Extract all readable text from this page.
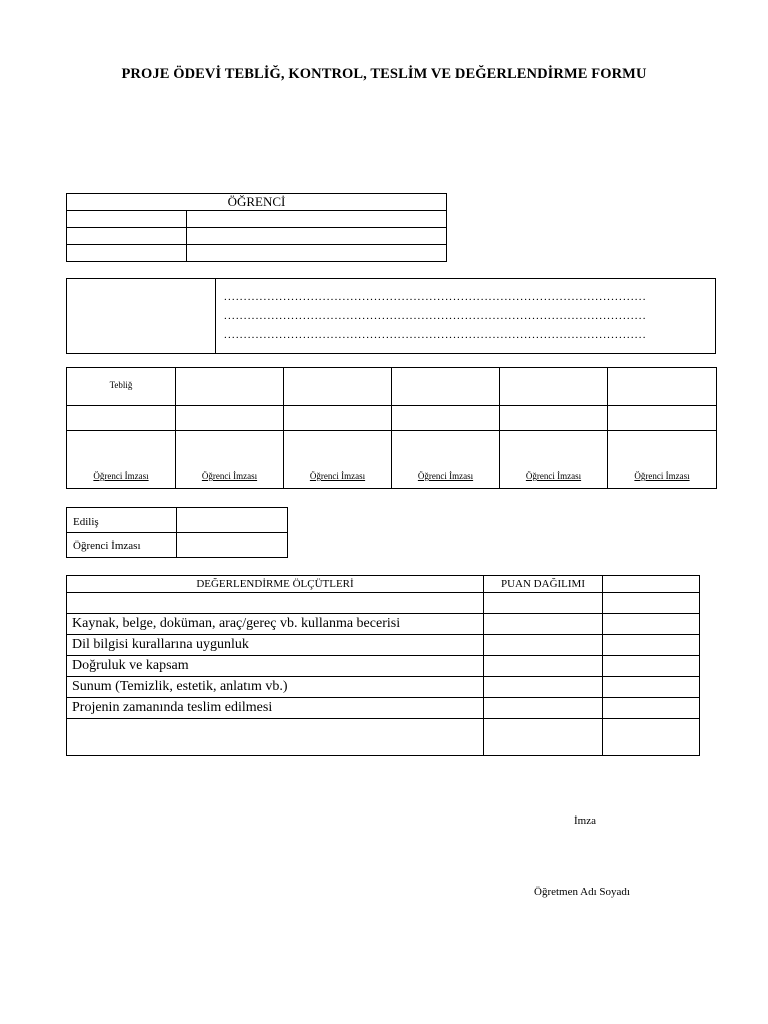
PROJE ÖDEVİ TEBLİĞ, KONTROL, TESLİM VE DEĞERLENDİRME FORMU
ÖĞRENCİ	

...........................................................................................................
...........................................................................................................
...........................................................................................................
Tebliğ					

Öğrenci İmzası	Öğrenci İmzası	Öğrenci İmzası	Öğrenci İmzası	Öğrenci İmzası	Öğrenci İmzası
Ediliş	
Öğrenci İmzası	
DEĞERLENDİRME ÖLÇÜTLERİ	PUAN DAĞILIMI	

Kaynak, belge, doküman, araç/gereç vb. kullanma becerisi		
Dil bilgisi kurallarına uygunluk		
Doğruluk ve kapsam		
Sunum (Temizlik, estetik, anlatım vb.)		
Projenin zamanında teslim edilmesi		

İmza
Öğretmen Adı Soyadı
